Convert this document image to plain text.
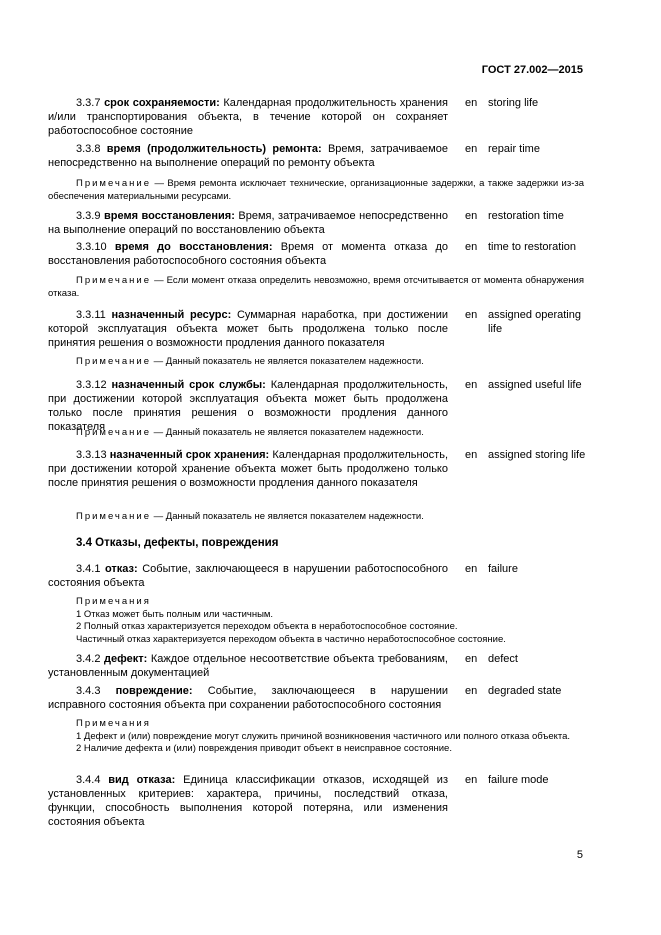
ГОСТ 27.002—2015
3.3.7 срок сохраняемости: Календарная продолжительность хранения и/или транспортирования объекта, в течение которой он сохраняет работоспособное состояние
en storing life
3.3.8 время (продолжительность) ремонта: Время, затрачиваемое непосредственно на выполнение операций по ремонту объекта
en repair time
Примечание — Время ремонта исключает технические, организационные задержки, а также задержки из-за обеспечения материальными ресурсами.
3.3.9 время восстановления: Время, затрачиваемое непосредственно на выполнение операций по восстановлению объекта
en restoration time
3.3.10 время до восстановления: Время от момента отказа до восстановления работоспособного состояния объекта
en time to restoration
Примечание — Если момент отказа определить невозможно, время отсчитывается от момента обнаружения отказа.
3.3.11 назначенный ресурс: Суммарная наработка, при достижении которой эксплуатация объекта может быть продолжена только после принятия решения о возможности продления данного показателя
en assigned operating life
Примечание — Данный показатель не является показателем надежности.
3.3.12 назначенный срок службы: Календарная продолжительность, при достижении которой эксплуатация объекта может быть продолжена только после принятия решения о возможности продления данного показателя
en assigned useful life
Примечание — Данный показатель не является показателем надежности.
3.3.13 назначенный срок хранения: Календарная продолжительность, при достижении которой хранение объекта может быть продолжено только после принятия решения о возможности продления данного показателя
en assigned storing life
Примечание — Данный показатель не является показателем надежности.
3.4 Отказы, дефекты, повреждения
3.4.1 отказ: Событие, заключающееся в нарушении работоспособного состояния объекта
en failure
Примечания
1 Отказ может быть полным или частичным.
2 Полный отказ характеризуется переходом объекта в неработоспособное состояние.
Частичный отказ характеризуется переходом объекта в частично неработоспособное состояние.
3.4.2 дефект: Каждое отдельное несоответствие объекта требованиям, установленным документацией
en defect
3.4.3 повреждение: Событие, заключающееся в нарушении исправного состояния объекта при сохранении работоспособного состояния
en degraded state
Примечания
1 Дефект и (или) повреждение могут служить причиной возникновения частичного или полного отказа объекта.
2 Наличие дефекта и (или) повреждения приводит объект в неисправное состояние.
3.4.4 вид отказа: Единица классификации отказов, исходящей из установленных критериев: характера, причины, последствий отказа, функции, способность выполнения которой потеряна, или изменения состояния объекта
en failure mode
5
